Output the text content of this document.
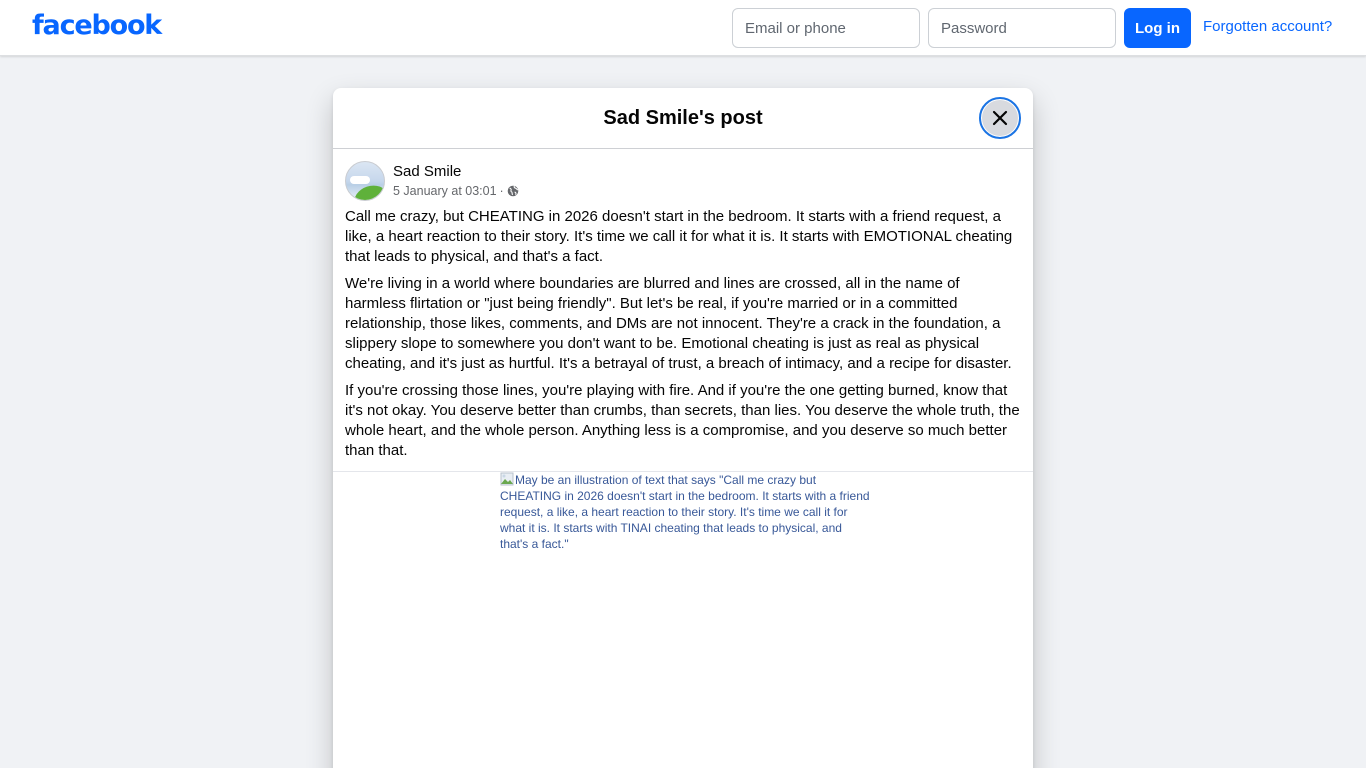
facebook
Email or phone	Log in	Forgotten account?
Sad Smile's post
Sad Smile
5 January at 03:01 ·

Call me crazy, but CHEATING in 2026 doesn't start in the bedroom. It starts with a friend request, a like, a heart reaction to their story. It's time we call it for what it is. It starts with EMOTIONAL cheating that leads to physical, and that's a fact.

We're living in a world where boundaries are blurred and lines are crossed, all in the name of harmless flirtation or "just being friendly". But let's be real, if you're married or in a committed relationship, those likes, comments, and DMs are not innocent. They're a crack in the foundation, a slippery slope to somewhere you don't want to be. Emotional cheating is just as real as physical cheating, and it's just as hurtful. It's a betrayal of trust, a breach of intimacy, and a recipe for disaster.

If you're crossing those lines, you're playing with fire. And if you're the one getting burned, know that it's not okay. You deserve better than crumbs, than secrets, than lies. You deserve the whole truth, the whole heart, and the whole person. Anything less is a compromise, and you deserve so much better than that.

May be an illustration of text that says "Call me crazy but CHEATING in 2026 doesn't start in the bedroom. It starts with a friend request, a like, a heart reaction to their story. It's time we call it for what it is. It starts with TINAI cheating that leads to physical, and that's a fact."
